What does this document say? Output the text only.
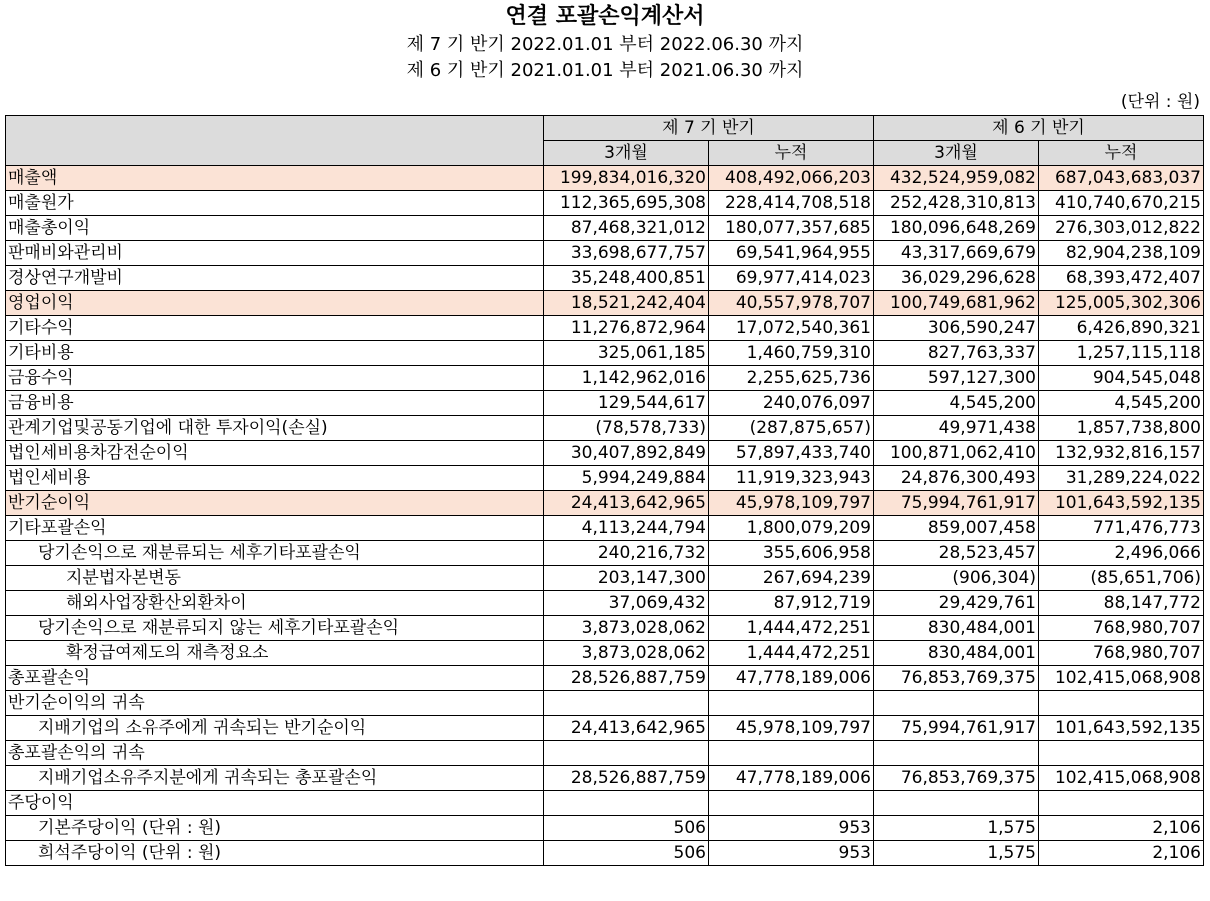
연결 포괄손익계산서
제 7 기 반기 2022.01.01 부터 2022.06.30 까지
제 6 기 반기 2021.01.01 부터 2021.06.30 까지
(단위 : 원)
	제 7 기 반기		제 6 기 반기	
	3개월	누적	3개월	누적
매출액	199,834,016,320	408,492,066,203	432,524,959,082	687,043,683,037
매출원가	112,365,695,308	228,414,708,518	252,428,310,813	410,740,670,215
매출총이익	87,468,321,012	180,077,357,685	180,096,648,269	276,303,012,822
판매비와관리비	33,698,677,757	69,541,964,955	43,317,669,679	82,904,238,109
경상연구개발비	35,248,400,851	69,977,414,023	36,029,296,628	68,393,472,407
영업이익	18,521,242,404	40,557,978,707	100,749,681,962	125,005,302,306
기타수익	11,276,872,964	17,072,540,361	306,590,247	6,426,890,321
기타비용	325,061,185	1,460,759,310	827,763,337	1,257,115,118
금융수익	1,142,962,016	2,255,625,736	597,127,300	904,545,048
금융비용	129,544,617	240,076,097	4,545,200	4,545,200
관계기업및공동기업에 대한 투자이익(손실)	(78,578,733)	(287,875,657)	49,971,438	1,857,738,800
법인세비용차감전순이익	30,407,892,849	57,897,433,740	100,871,062,410	132,932,816,157
법인세비용	5,994,249,884	11,919,323,943	24,876,300,493	31,289,224,022
반기순이익	24,413,642,965	45,978,109,797	75,994,761,917	101,643,592,135
기타포괄손익	4,113,244,794	1,800,079,209	859,007,458	771,476,773
당기손익으로 재분류되는 세후기타포괄손익	240,216,732	355,606,958	28,523,457	2,496,066
지분법자본변동	203,147,300	267,694,239	(906,304)	(85,651,706)
해외사업장환산외환차이	37,069,432	87,912,719	29,429,761	88,147,772
당기손익으로 재분류되지 않는 세후기타포괄손익	3,873,028,062	1,444,472,251	830,484,001	768,980,707
확정급여제도의 재측정요소	3,873,028,062	1,444,472,251	830,484,001	768,980,707
총포괄손익	28,526,887,759	47,778,189,006	76,853,769,375	102,415,068,908
반기순이익의 귀속				
지배기업의 소유주에게 귀속되는 반기순이익	24,413,642,965	45,978,109,797	75,994,761,917	101,643,592,135
총포괄손익의 귀속				
지배기업소유주지분에게 귀속되는 총포괄손익	28,526,887,759	47,778,189,006	76,853,769,375	102,415,068,908
주당이익				
기본주당이익 (단위 : 원)	506	953	1,575	2,106
희석주당이익 (단위 : 원)	506	953	1,575	2,106
